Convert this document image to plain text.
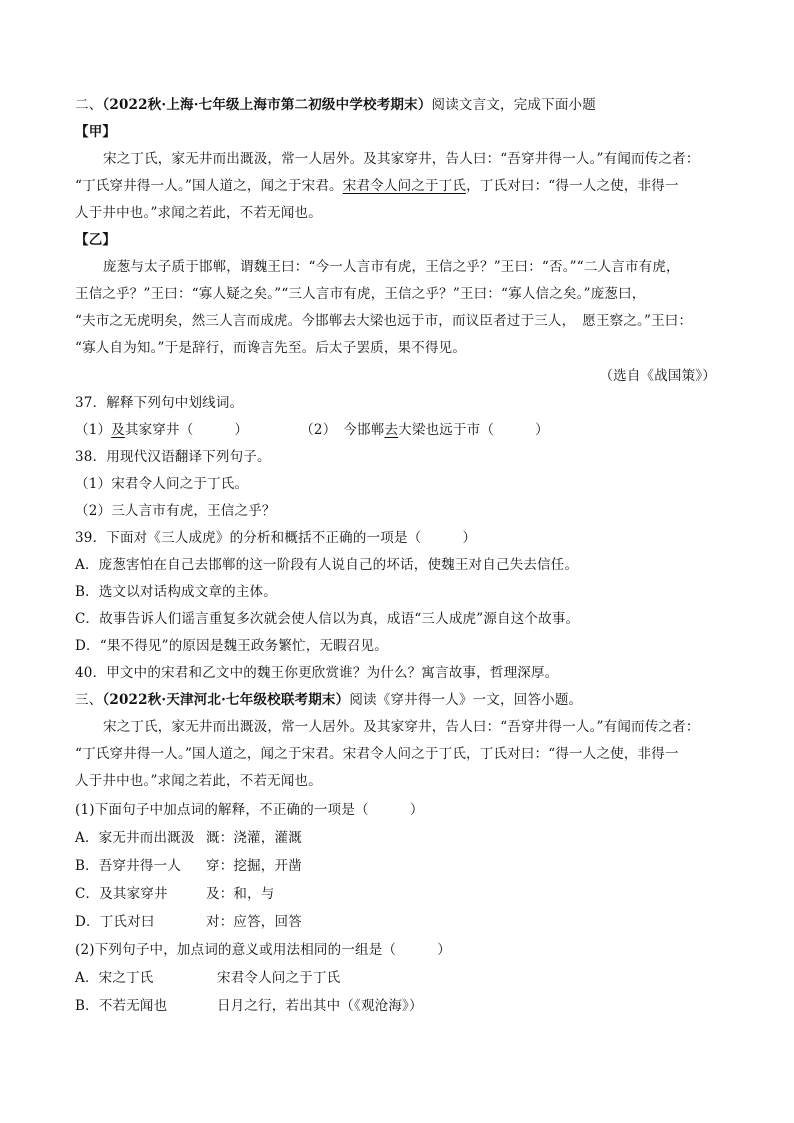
二、（2022秋·上海·七年级上海市第二初级中学校考期末）阅读文言文，完成下面小题
【甲】
宋之丁氏，家无井而出溉汲，常一人居外。及其家穿井，告人曰：“吾穿井得一人。”有闻而传之者：
“丁氏穿井得一人。”国人道之，闻之于宋君。宋君令人问之于丁氏，丁氏对曰：“得一人之使，非得一
人于井中也。”求闻之若此，不若无闻也。
【乙】
庞葱与太子质于邯郸，谓魏王曰：“今一人言市有虎，王信之乎？”王曰：“否。”“二人言市有虎，
王信之乎？”王曰：“寡人疑之矣。”“三人言市有虎，王信之乎？”王曰：“寡人信之矣。”庞葱曰，
“夫市之无虎明矣，然三人言而成虎。今邯郸去大梁也远于市，而议臣者过于三人，　愿王察之。”王曰：
“寡人自为知。”于是辞行，而谗言先至。后太子罢质，果不得见。
（选自《战国策》）
37．解释下列句中划线词。
（1）及其家穿井（　　　）	（2）　今邯郸去大梁也远于市（　　　）
38．用现代汉语翻译下列句子。
（1）宋君令人问之于丁氏。
（2）三人言市有虎，王信之乎？
39．下面对《三人成虎》的分析和概括不正确的一项是（　　　）
A．庞葱害怕在自己去邯郸的这一阶段有人说自己的坏话，使魏王对自己失去信任。
B．选文以对话构成文章的主体。
C．故事告诉人们谣言重复多次就会使人信以为真，成语“三人成虎”源自这个故事。
D．“果不得见”的原因是魏王政务繁忙，无暇召见。
40．甲文中的宋君和乙文中的魏王你更欣赏谁？为什么？寓言故事，哲理深厚。
三、（2022秋·天津河北·七年级校联考期末）阅读《穿井得一人》一文，回答小题。
宋之丁氏，家无井而出溉汲，常一人居外。及其家穿井，告人曰：“吾穿井得一人。”有闻而传之者：
“丁氏穿井得一人。”国人道之，闻之于宋君。宋君令人问之于丁氏，丁氏对曰：“得一人之使，非得一
人于井中也。”求闻之若此，不若无闻也。
(1)下面句子中加点词的解释，不正确的一项是（　　　）
A．家无井而出溉汲 溉：浇灌，灌溉
B．吾穿井得一人 穿：挖掘，开凿
C．及其家穿井	及：和，与
D．丁氏对曰	对：应答，回答
(2)下列句子中，加点词的意义或用法相同的一组是（　　　）
A．宋之丁氏	宋君令人问之于丁氏
B．不若无闻也	日月之行，若出其中（《观沧海》）
